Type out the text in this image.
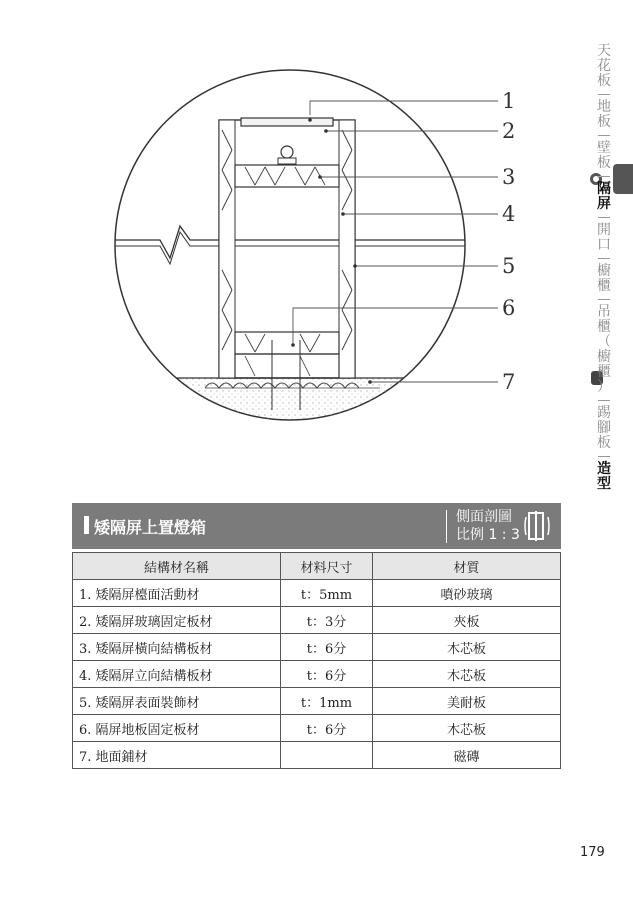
1
2
3
4
5
6
7
天
花
板
地
板
壁
板
隔
屏
開
口
櫥
櫃
吊
櫃
（
櫥
櫃
）
踢
腳
板
造
型
矮隔屏上置燈箱
側面剖圖
比例 1 : 3
結構材名稱	材料尺寸	材質
1. 矮隔屏檯面活動材	t：5mm	噴砂玻璃
2. 矮隔屏玻璃固定板材	t：3分	夾板
3. 矮隔屏橫向結構板材	t：6分	木芯板
4. 矮隔屏立向結構板材	t：6分	木芯板
5. 矮隔屏表面裝飾材	t：1mm	美耐板
6. 隔屏地板固定板材	t：6分	木芯板
7. 地面鋪材		磁磚
179
